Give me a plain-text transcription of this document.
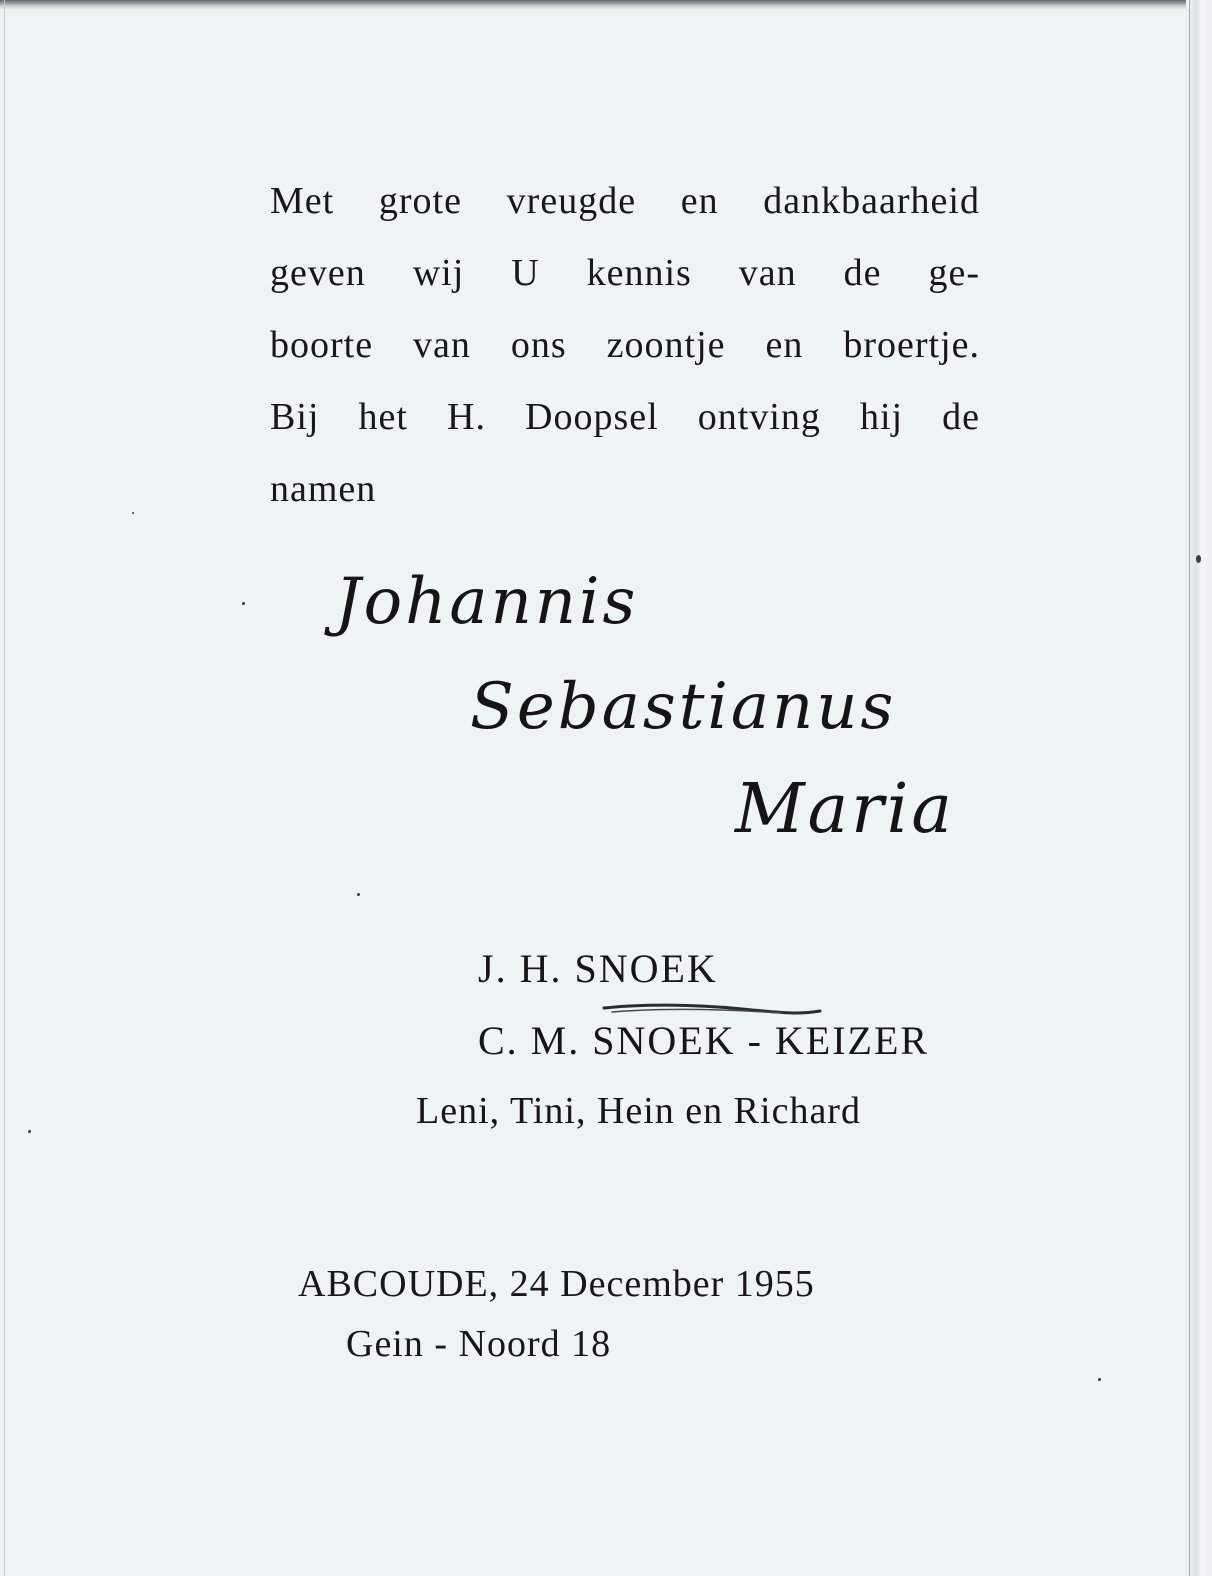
Met grote vreugde en dankbaarheid
geven wij U kennis van de ge-
boorte van ons zoontje en broertje.
Bij het H. Doopsel ontving hij de
namen

Johannis
Sebastianus
Maria
J. H. SNOEK
C. M. SNOEK - KEIZER
Leni, Tini, Hein en Richard
ABCOUDE, 24 December 1955
Gein - Noord 18
